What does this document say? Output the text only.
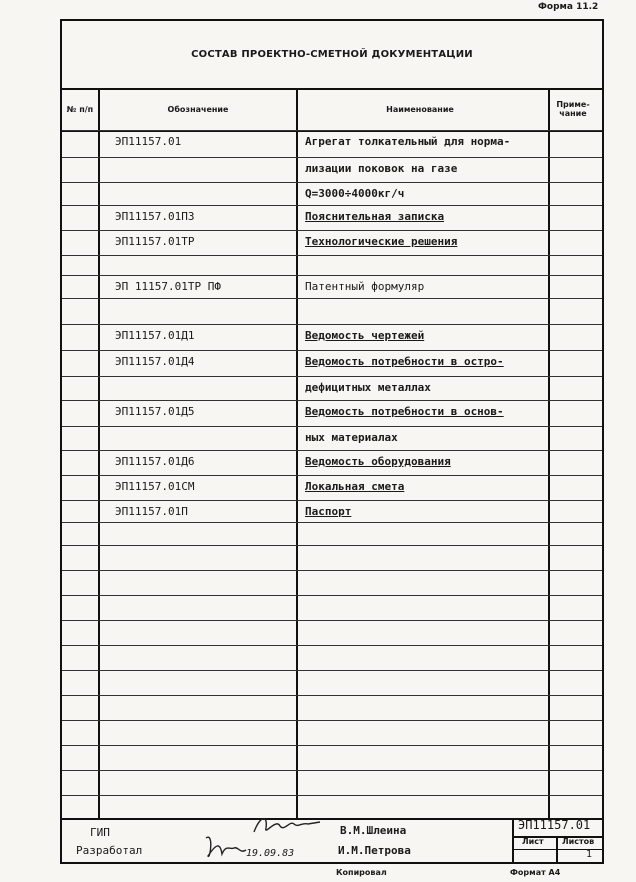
Форма 11.2
СОСТАВ ПРОЕКТНО-СМЕТНОЙ ДОКУМЕНТАЦИИ
№ п/п	Обозначение	Наименование	Приме- чание
ЭП11157.01	Агрегат толкательный для норма-
лизации поковок на газе
Q=3000÷4000кг/ч
ЭП11157.01ПЗ	Пояснительная записка
ЭП11157.01ТР	Технологические решения
ЭП 11157.01ТР ПФ	Патентный формуляр
ЭП11157.01Д1	Ведомость чертежей
ЭП11157.01Д4	Ведомость потребности в остро-
дефицитных металлах
ЭП11157.01Д5	Ведомость потребности в основ-
ных материалах
ЭП11157.01Д6	Ведомость оборудования
ЭП11157.01СМ	Локальная смета
ЭП11157.01П	Паспорт
ГИП
Разработал
В.М.Шлеина
И.М.Петрова
19.09.83
ЭП11157.01
Лист Листов
1
Копировал	Формат А4
